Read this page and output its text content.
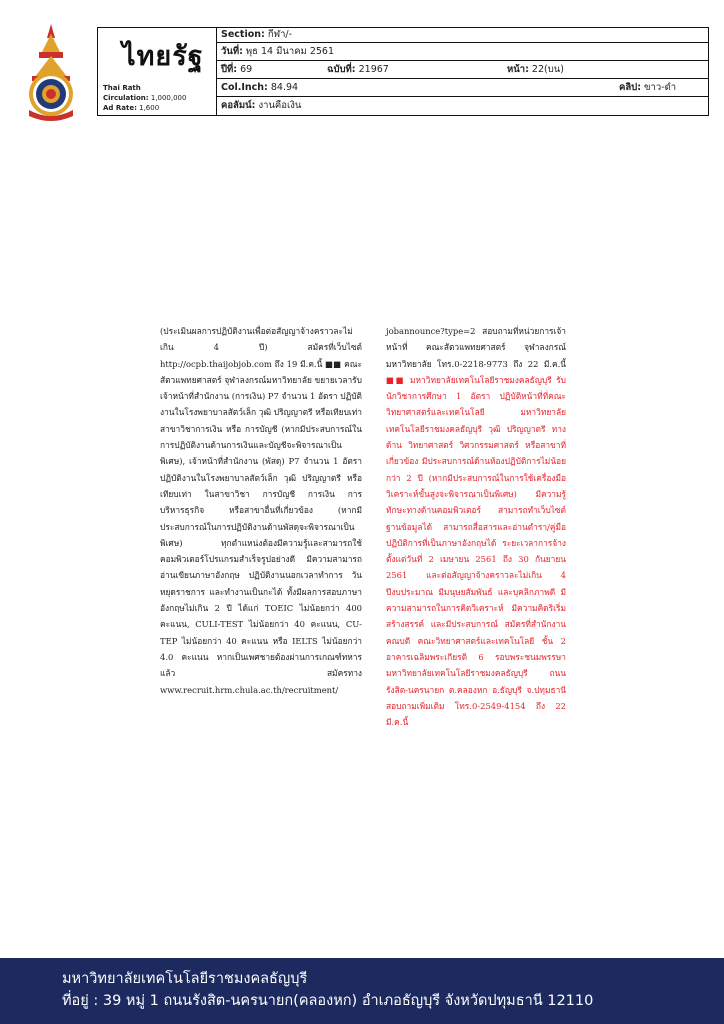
ไทยรัฐ
Thai Rath
Circulation: 1,000,000
Ad Rate: 1,600
Section: กีฬา/-
วันที่: พุธ 14 มีนาคม 2561
ปีที่: 69	ฉบับที่: 21967	หน้า: 22(บน)
Col.Inch: 84.94	คลิป: ขาว-ดำ
คอลัมน์: งานคือเงิน
(ประเมินผลการปฏิบัติงานเพื่อต่อสัญญาจ้างคราวละไม่เกิน 4 ปี) สมัครที่เว็บไซต์ http://ocpb.thaijobjob.com ถึง 19 มี.ค.นี้ ■■ คณะสัตวแพทยศาสตร์ จุฬาลงกรณ์มหาวิทยาลัย ขยายเวลารับ เจ้าหน้าที่สำนักงาน (การเงิน) P7 จำนวน 1 อัตรา ปฏิบัติงานในโรงพยาบาลสัตว์เล็ก วุฒิ ปริญญาตรี หรือเทียบเท่า สาขาวิชาการเงิน หรือ การบัญชี (หากมีประสบการณ์ในการปฏิบัติงานด้านการเงินและบัญชีจะพิจารณาเป็นพิเศษ), เจ้าหน้าที่สำนักงาน (พัสดุ) P7 จำนวน 1 อัตรา ปฏิบัติงานในโรงพยาบาลสัตว์เล็ก วุฒิ ปริญญาตรี หรือเทียบเท่า ในสาขาวิชา การบัญชี การเงิน การบริหารธุรกิจ หรือสาขาอื่นที่เกี่ยวข้อง (หากมีประสบการณ์ในการปฏิบัติงานด้านพัสดุจะพิจารณาเป็นพิเศษ) ทุกตำแหน่งต้องมีความรู้และสามารถใช้คอมพิวเตอร์โปรแกรมสำเร็จรูปอย่างดี มีความสามารถอ่านเขียนภาษาอังกฤษ ปฏิบัติงานนอกเวลาทำการ วันหยุดราชการ และทำงานเป็นกะได้ ทั้งมีผลการสอบภาษาอังกฤษไม่เกิน 2 ปี ได้แก่ TOEIC ไม่น้อยกว่า 400 คะแนน, CULI-TEST ไม่น้อยกว่า 40 คะแนน, CU-TEP ไม่น้อยกว่า 40 คะแนน หรือ IELTS ไม่น้อยกว่า 4.0 คะแนน หากเป็นเพศชายต้องผ่านการเกณฑ์ทหารแล้ว สมัครทาง www.recruit.hrm.chula.ac.th/recruitment/
jobannounce?type=2 สอบถามที่หน่วยการเจ้าหน้าที่ คณะสัตวแพทยศาสตร์ จุฬาลงกรณ์มหาวิทยาลัย โทร.0-2218-9773 ถึง 22 มี.ค.นี้ ■■ มหาวิทยาลัยเทคโนโลยีราชมงคลธัญบุรี รับ นักวิชาการศึกษา 1 อัตรา ปฏิบัติหน้าที่ที่คณะวิทยาศาสตร์และเทคโนโลยี มหาวิทยาลัยเทคโนโลยีราชมงคลธัญบุรี วุฒิ ปริญญาตรี ทางด้าน วิทยาศาสตร์ วิศวกรรมศาสตร์ หรือสาขาที่เกี่ยวข้อง มีประสบการณ์ด้านห้องปฏิบัติการไม่น้อยกว่า 2 ปี (หากมีประสบการณ์ในการใช้เครื่องมือวิเคราะห์ขั้นสูงจะพิจารณาเป็นพิเศษ) มีความรู้ทักษะทางด้านคอมพิวเตอร์ สามารถทำเว็บไซต์ฐานข้อมูลได้ สามารถสื่อสารและอ่านตำรา/คู่มือปฏิบัติการที่เป็นภาษาอังกฤษได้ ระยะเวลาการจ้างตั้งแต่วันที่ 2 เมษายน 2561 ถึง 30 กันยายน 2561 และต่อสัญญาจ้างคราวละไม่เกิน 4 ปีงบประมาณ มีมนุษยสัมพันธ์ และบุคลิกภาพดี มีความสามารถในการคิดวิเคราะห์ มีความคิดริเริ่มสร้างสรรค์ และมีประสบการณ์ สมัครที่สำนักงานคณบดี คณะวิทยาศาสตร์และเทคโนโลยี ชั้น 2 อาคารเฉลิมพระเกียรติ 6 รอบพระชนมพรรษา มหาวิทยาลัยเทคโนโลยีราชมงคลธัญบุรี ถนนรังสิต-นครนายก ต.คลองหก อ.ธัญบุรี จ.ปทุมธานี สอบถามเพิ่มเติม โทร.0-2549-4154 ถึง 22 มี.ค.นี้
มหาวิทยาลัยเทคโนโลยีราชมงคลธัญบุรี
ที่อยู่ : 39 หมู่ 1 ถนนรังสิต-นครนายก(คลองหก) อำเภอธัญบุรี จังหวัดปทุมธานี 12110
